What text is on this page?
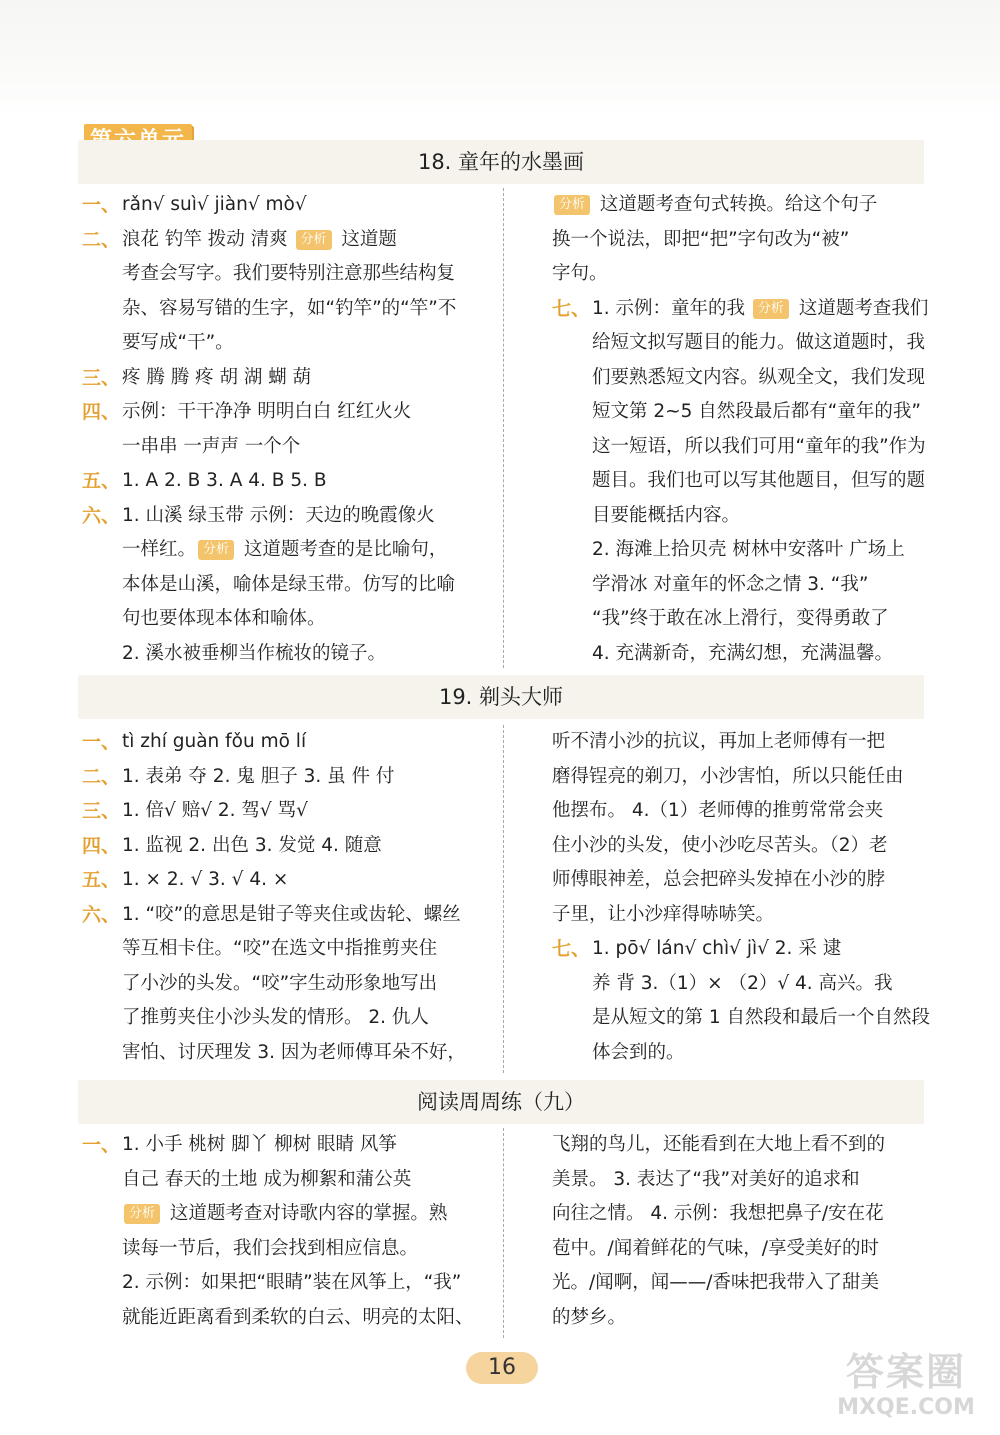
18. 童年的水墨画
一、 rǎn√ suì√ jiàn√ mò√
二、 浪花 钓竿 拨动 清爽 分析 这道题
考查会写字。我们要特别注意那些结构复
杂、容易写错的生字，如“钓竿”的“竿”不
要写成“干”。
三、 疼 腾 腾 疼 胡 湖 蝴 葫
四、 示例：干干净净 明明白白 红红火火
一串串 一声声 一个个
五、 1. A 2. B 3. A 4. B 5. B
六、 1. 山溪 绿玉带 示例：天边的晚霞像火
一样红。 分析 这道题考查的是比喻句，
本体是山溪，喻体是绿玉带。仿写的比喻
句也要体现本体和喻体。
2. 溪水被垂柳当作梳妆的镜子。
分析 这道题考查句式转换。给这个句子
换一个说法，即把“把”字句改为“被”
字句。
七、 1. 示例：童年的我 分析 这道题考查我们
给短文拟写题目的能力。做这道题时，我
们要熟悉短文内容。纵观全文，我们发现
短文第 2~5 自然段最后都有“童年的我”
这一短语，所以我们可用“童年的我”作为
题目。我们也可以写其他题目，但写的题
目要能概括内容。
2. 海滩上拾贝壳 树林中安落叶 广场上
学滑冰 对童年的怀念之情 3. “我”
“我”终于敢在冰上滑行，变得勇敢了
4. 充满新奇，充满幻想，充满温馨。
19. 剃头大师
一、 tì zhí guàn fǒu mō lí
二、 1. 表弟 夺 2. 鬼 胆子 3. 虽 件 付
三、 1. 倍√ 赔√ 2. 驾√ 骂√
四、 1. 监视 2. 出色 3. 发觉 4. 随意
五、 1. × 2. √ 3. √ 4. ×
六、 1. “咬”的意思是钳子等夹住或齿轮、螺丝
等互相卡住。“咬”在选文中指推剪夹住
了小沙的头发。“咬”字生动形象地写出
了推剪夹住小沙头发的情形。 2. 仇人
害怕、讨厌理发 3. 因为老师傅耳朵不好，
听不清小沙的抗议，再加上老师傅有一把
磨得锃亮的剃刀，小沙害怕，所以只能任由
他摆布。 4.（1）老师傅的推剪常常会夹
住小沙的头发，使小沙吃尽苦头。（2）老
师傅眼神差，总会把碎头发掉在小沙的脖
子里，让小沙痒得哧哧笑。
七、 1. pō√ lán√ chì√ jì√ 2. 采 逮
养 背 3.（1）× （2）√ 4. 高兴。我
是从短文的第 1 自然段和最后一个自然段
体会到的。
阅读周周练（九）
一、 1. 小手 桃树 脚丫 柳树 眼睛 风筝
自己 春天的土地 成为柳絮和蒲公英
分析 这道题考查对诗歌内容的掌握。熟
读每一节后，我们会找到相应信息。
2. 示例：如果把“眼睛”装在风筝上，“我”
就能近距离看到柔软的白云、明亮的太阳、
飞翔的鸟儿，还能看到在大地上看不到的
美景。 3. 表达了“我”对美好的追求和
向往之情。 4. 示例：我想把鼻子/安在花
苞中。/闻着鲜花的气味，/享受美好的时
光。/闻啊，闻——/香味把我带入了甜美
的梦乡。
16	答案圈
MXQE.COM
